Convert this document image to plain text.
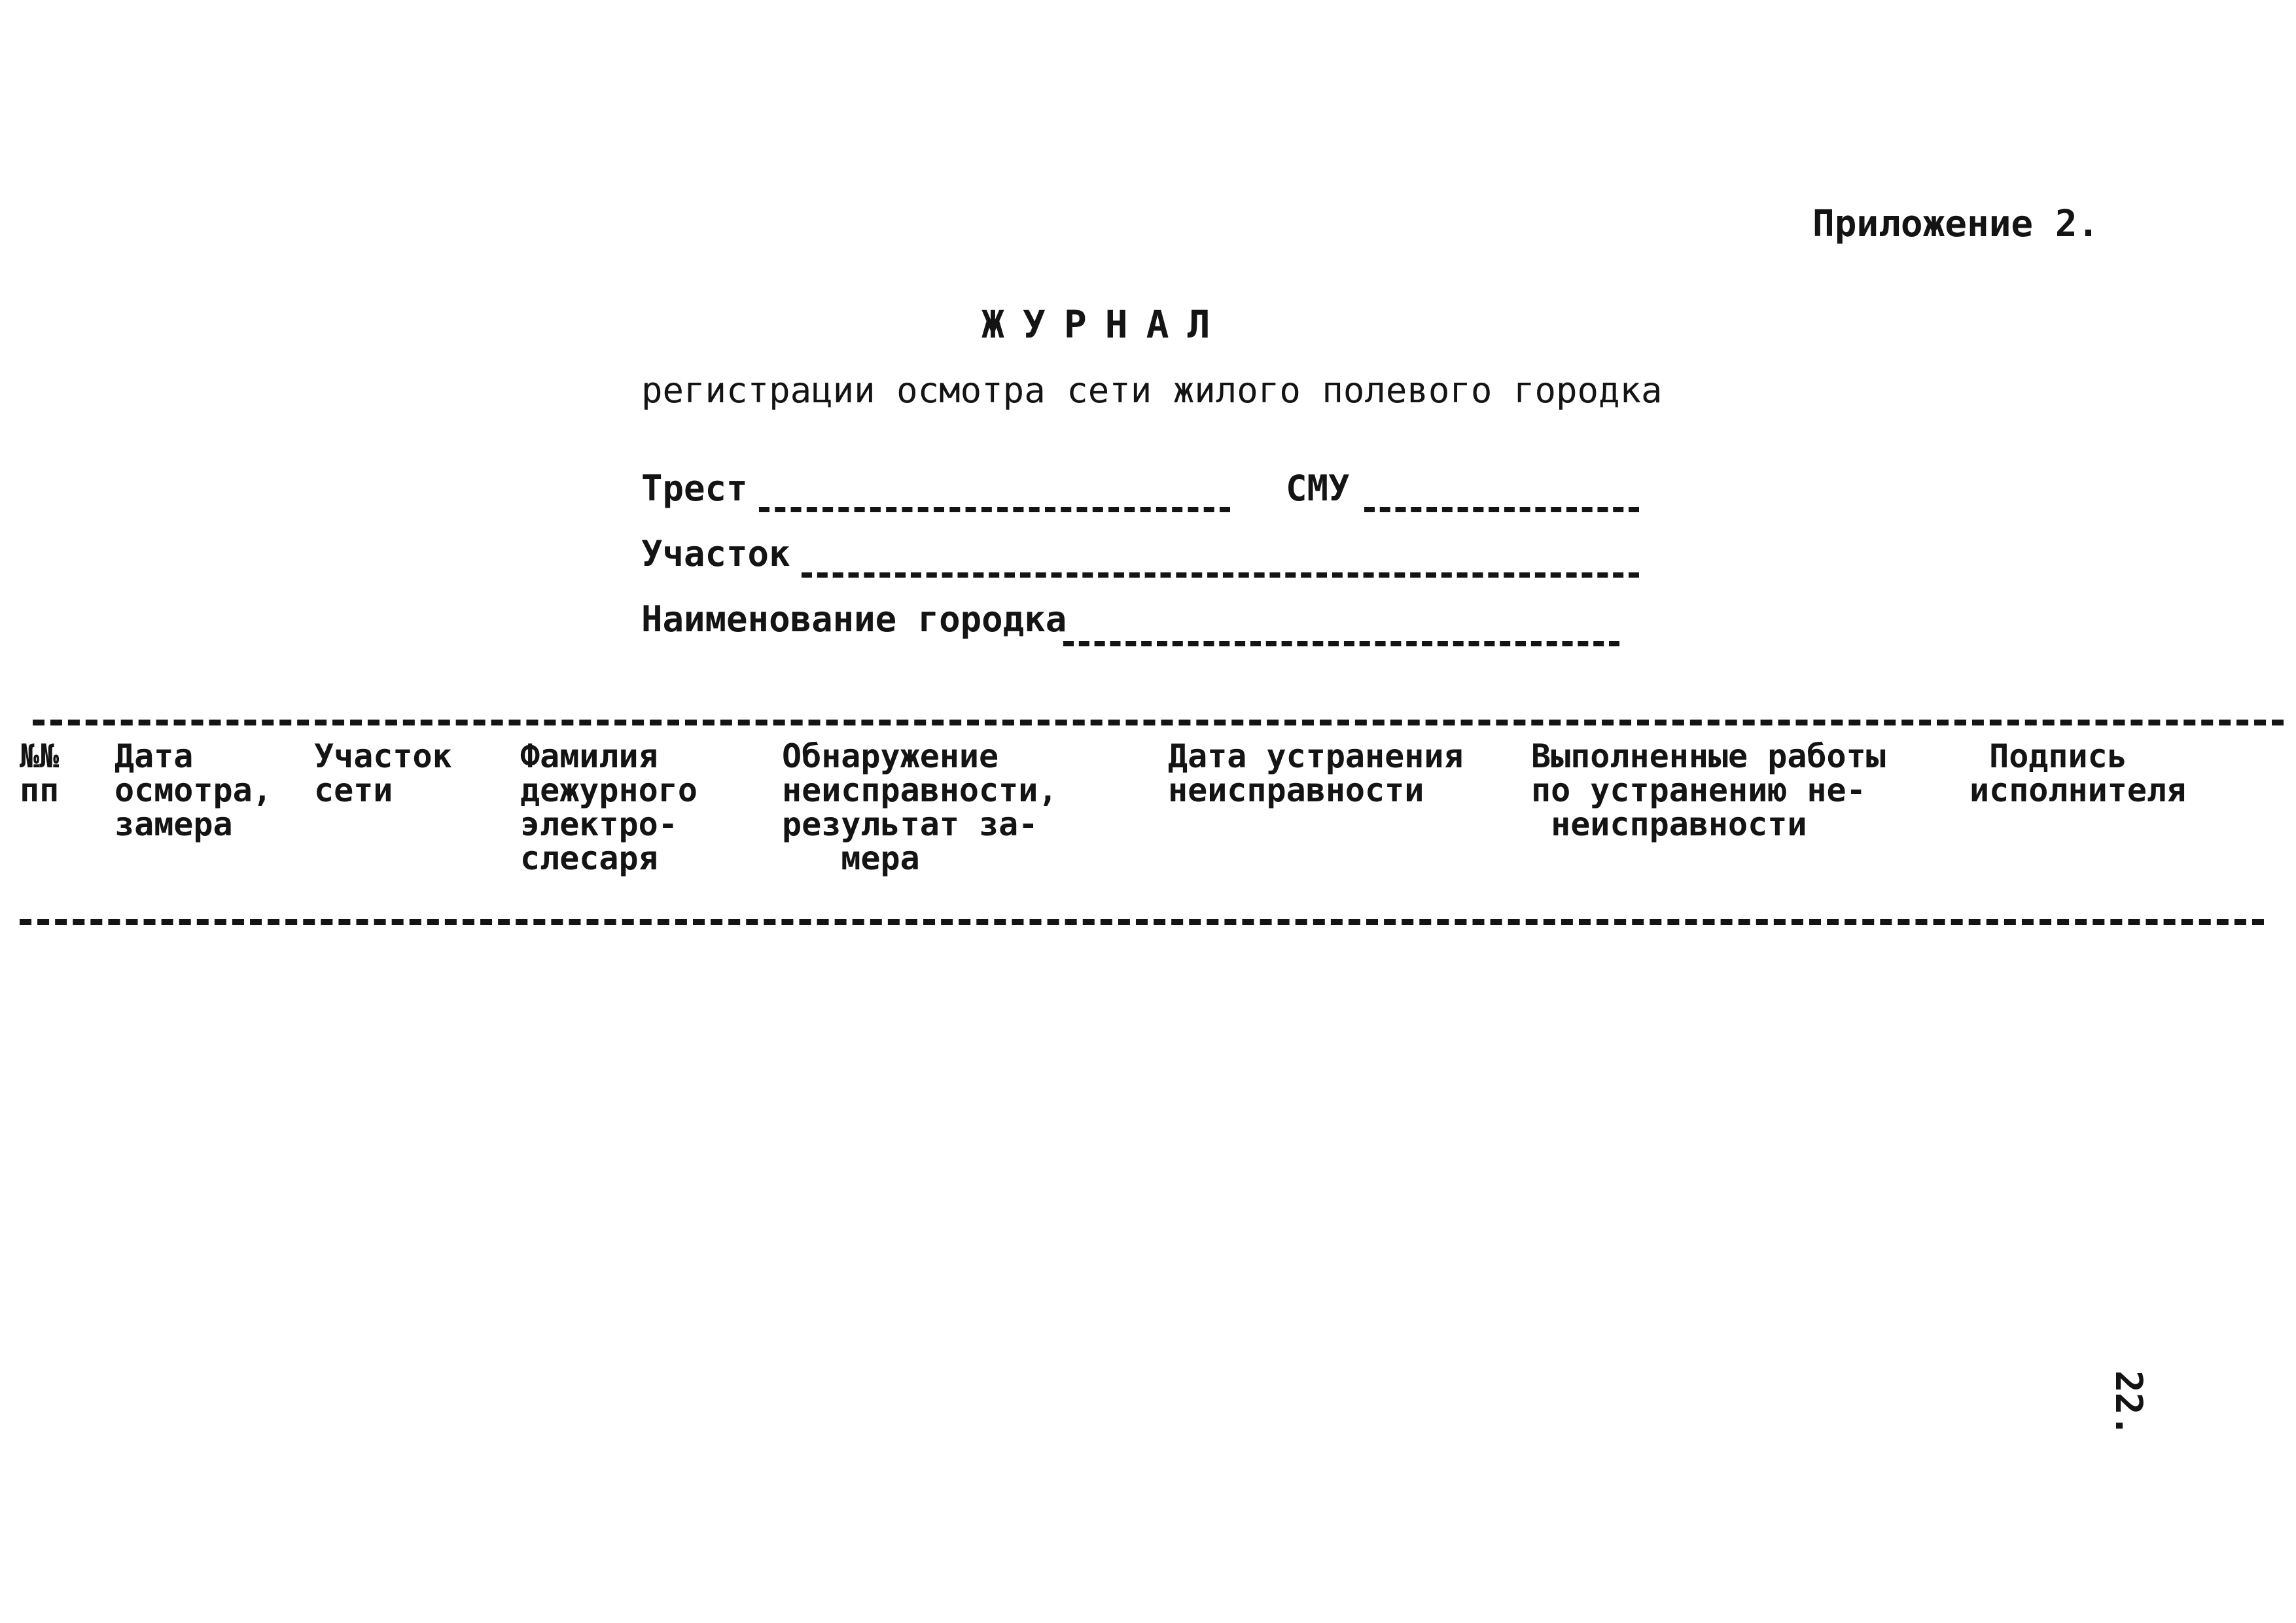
Приложение 2.
ЖУРНАЛ
регистрации осмотра сети жилого полевого городка
Трест	СМУ
Участок
Наименование городка
№№
пп
Дата
осмотра,
замера
Участок
сети
Фамилия
дежурного
электро-
слесаря
Обнаружение
неисправности,
результат за-
мера
Дата устранения
неисправности
Выполненные работы
по устранению не-
неисправности
Подпись
исполнителя
22.
